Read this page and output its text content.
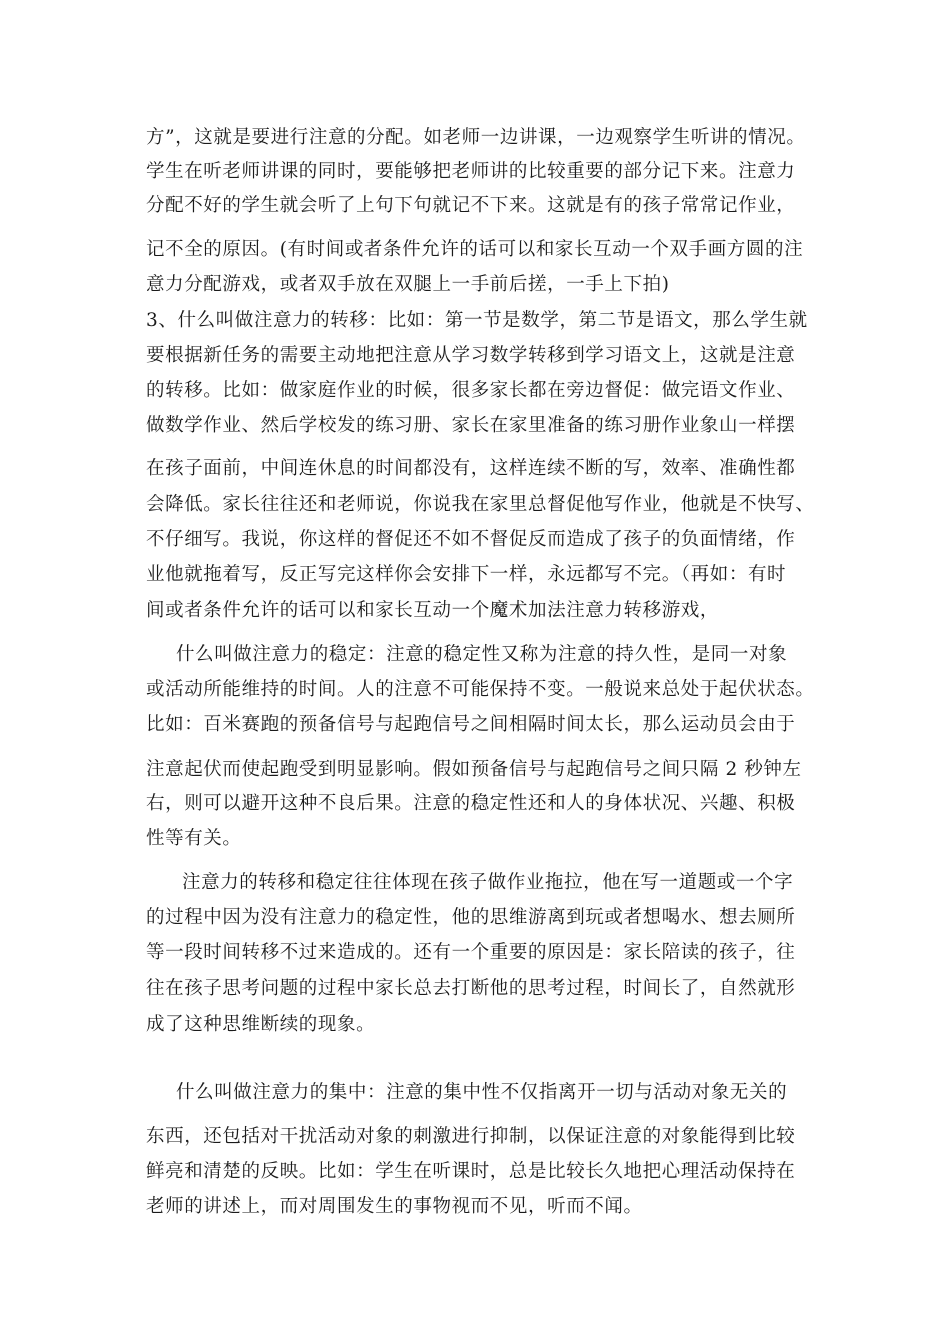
方”，这就是要进行注意的分配。如老师一边讲课，一边观察学生听讲的情况。
学生在听老师讲课的同时，要能够把老师讲的比较重要的部分记下来。注意力
分配不好的学生就会听了上句下句就记不下来。这就是有的孩子常常记作业，
记不全的原因。(有时间或者条件允许的话可以和家长互动一个双手画方圆的注
意力分配游戏，或者双手放在双腿上一手前后搓，一手上下拍)
3、什么叫做注意力的转移：比如：第一节是数学，第二节是语文，那么学生就
要根据新任务的需要主动地把注意从学习数学转移到学习语文上，这就是注意
的转移。比如：做家庭作业的时候，很多家长都在旁边督促：做完语文作业、
做数学作业、然后学校发的练习册、家长在家里准备的练习册作业象山一样摆
在孩子面前，中间连休息的时间都没有，这样连续不断的写，效率、准确性都
会降低。家长往往还和老师说，你说我在家里总督促他写作业，他就是不快写、
不仔细写。我说，你这样的督促还不如不督促反而造成了孩子的负面情绪，作
业他就拖着写，反正写完这样你会安排下一样，永远都写不完。（再如：有时
间或者条件允许的话可以和家长互动一个魔术加法注意力转移游戏，
什么叫做注意力的稳定：注意的稳定性又称为注意的持久性，是同一对象
或活动所能维持的时间。人的注意不可能保持不变。一般说来总处于起伏状态。
比如：百米赛跑的预备信号与起跑信号之间相隔时间太长，那么运动员会由于
注意起伏而使起跑受到明显影响。假如预备信号与起跑信号之间只隔 2 秒钟左
右，则可以避开这种不良后果。注意的稳定性还和人的身体状况、兴趣、积极
性等有关。
注意力的转移和稳定往往体现在孩子做作业拖拉，他在写一道题或一个字
的过程中因为没有注意力的稳定性，他的思维游离到玩或者想喝水、想去厕所
等一段时间转移不过来造成的。还有一个重要的原因是：家长陪读的孩子，往
往在孩子思考问题的过程中家长总去打断他的思考过程，时间长了，自然就形
成了这种思维断续的现象。
什么叫做注意力的集中：注意的集中性不仅指离开一切与活动对象无关的
东西，还包括对干扰活动对象的刺激进行抑制，以保证注意的对象能得到比较
鲜亮和清楚的反映。比如：学生在听课时，总是比较长久地把心理活动保持在
老师的讲述上，而对周围发生的事物视而不见，听而不闻。
